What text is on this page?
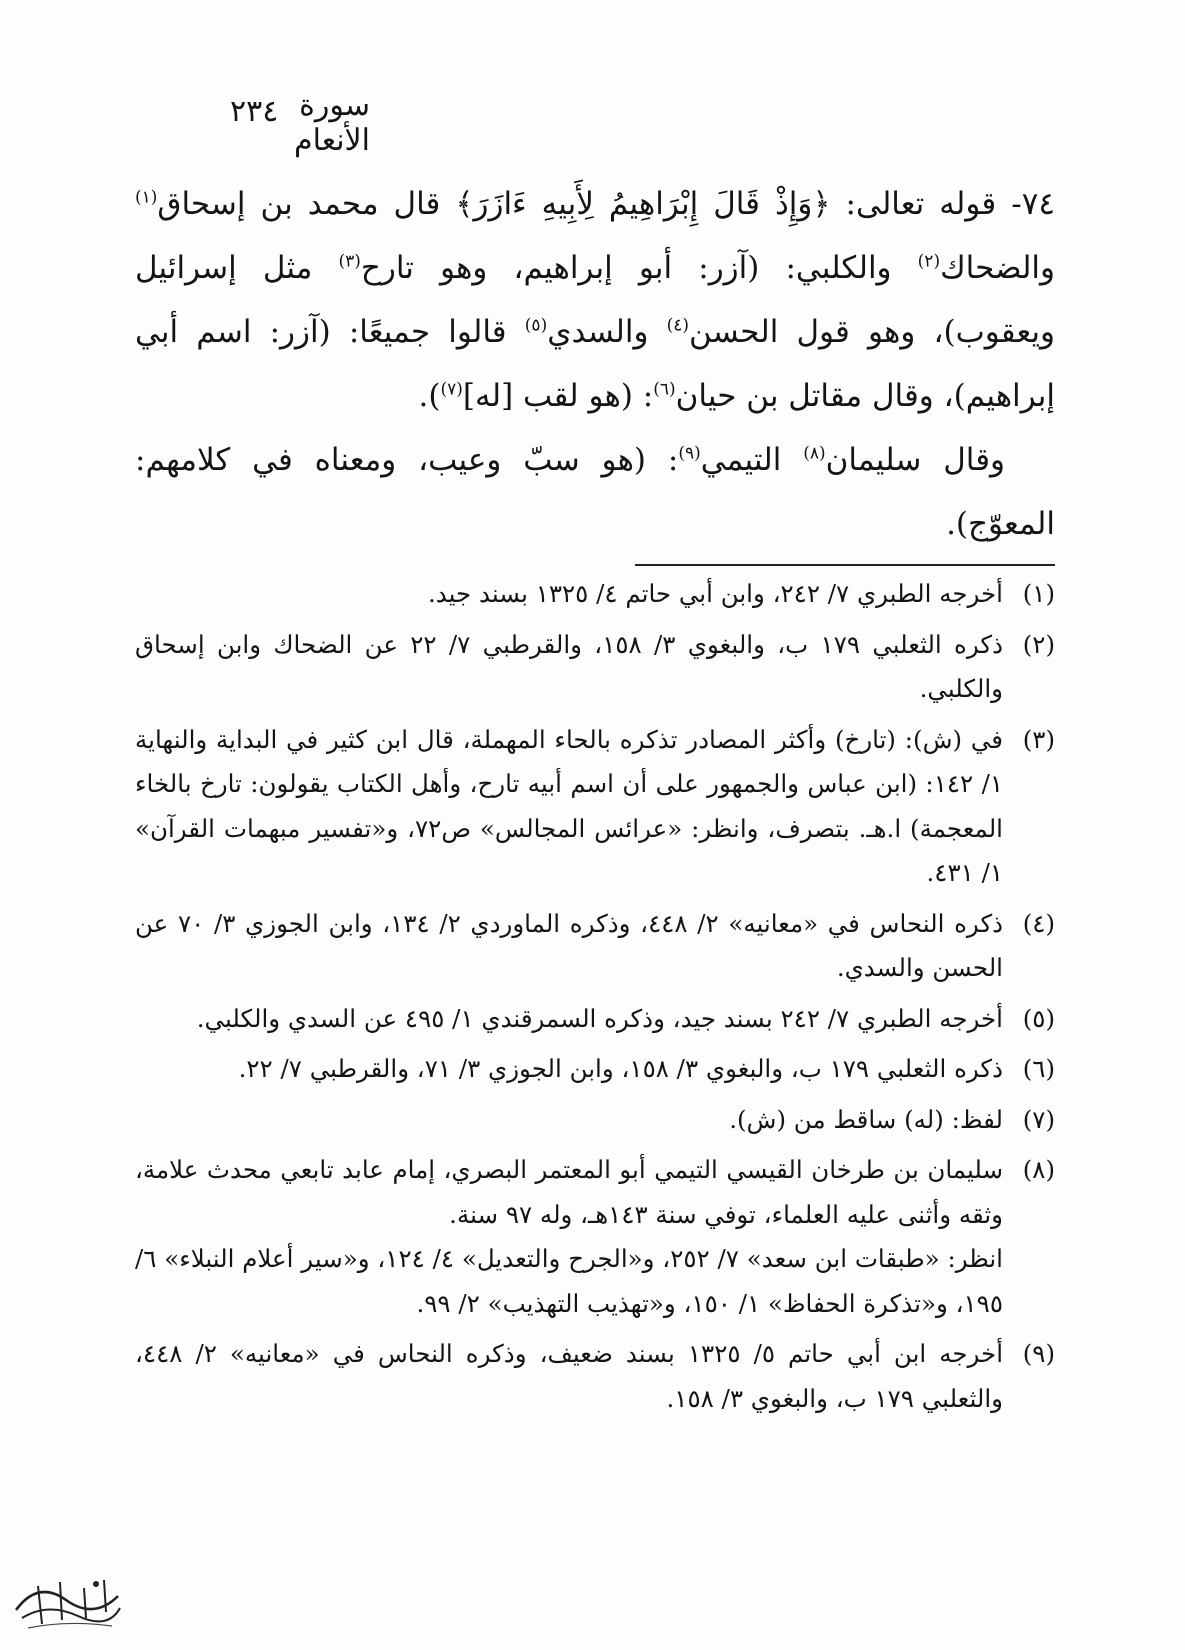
سورة الأنعام
٢٣٤

٧٤- قوله تعالى: ﴿وَإِذْ قَالَ إِبْرَاهِيمُ لِأَبِيهِ ءَازَرَ﴾ قال محمد بن إسحاق$^{(١)}$ والضحاك$^{(٢)}$ والكلبي: (آزر: أبو إبراهيم، وهو تارح$^{(٣)}$ مثل إسرائيل ويعقوب)، وهو قول الحسن$^{(٤)}$ والسدي$^{(٥)}$ قالوا جميعًا: (آزر: اسم أبي إبراهيم)، وقال مقاتل بن حيان$^{(٦)}$: (هو لقب [له]$^{(٧)}$).

وقال سليمان$^{(٨)}$ التيمي$^{(٩)}$: (هو سبّ وعيب، ومعناه في كلامهم: المعوّج).

(١)
أخرجه الطبري ٧/ ٢٤٢، وابن أبي حاتم ٤/ ١٣٢٥ بسند جيد.
(٢)
ذكره الثعلبي ١٧٩ ب، والبغوي ٣/ ١٥٨، والقرطبي ٧/ ٢٢ عن الضحاك وابن إسحاق والكلبي.
(٣)
في (ش): (تارخ) وأكثر المصادر تذكره بالحاء المهملة، قال ابن كثير في البداية والنهاية ١/ ١٤٢: (ابن عباس والجمهور على أن اسم أبيه تارح، وأهل الكتاب يقولون: تارخ بالخاء المعجمة) ا.هـ. بتصرف، وانظر: «عرائس المجالس» ص٧٢، و«تفسير مبهمات القرآن» ١/ ٤٣١.
(٤)
ذكره النحاس في «معانيه» ٢/ ٤٤٨، وذكره الماوردي ٢/ ١٣٤، وابن الجوزي ٣/ ٧٠ عن الحسن والسدي.
(٥)
أخرجه الطبري ٧/ ٢٤٢ بسند جيد، وذكره السمرقندي ١/ ٤٩٥ عن السدي والكلبي.
(٦)
ذكره الثعلبي ١٧٩ ب، والبغوي ٣/ ١٥٨، وابن الجوزي ٣/ ٧١، والقرطبي ٧/ ٢٢.
(٧)
لفظ: (له) ساقط من (ش).
(٨)

سليمان بن طرخان القيسي التيمي أبو المعتمر البصري، إمام عابد تابعي محدث علامة، وثقه وأثنى عليه العلماء، توفي سنة ١٤٣هـ، وله ٩٧ سنة.

انظر: «طبقات ابن سعد» ٧/ ٢٥٢، و«الجرح والتعديل» ٤/ ١٢٤، و«سير أعلام النبلاء» ٦/ ١٩٥، و«تذكرة الحفاظ» ١/ ١٥٠، و«تهذيب التهذيب» ٢/ ٩٩.

(٩)
أخرجه ابن أبي حاتم ٥/ ١٣٢٥ بسند ضعيف، وذكره النحاس في «معانيه» ٢/ ٤٤٨، والثعلبي ١٧٩ ب، والبغوي ٣/ ١٥٨.
